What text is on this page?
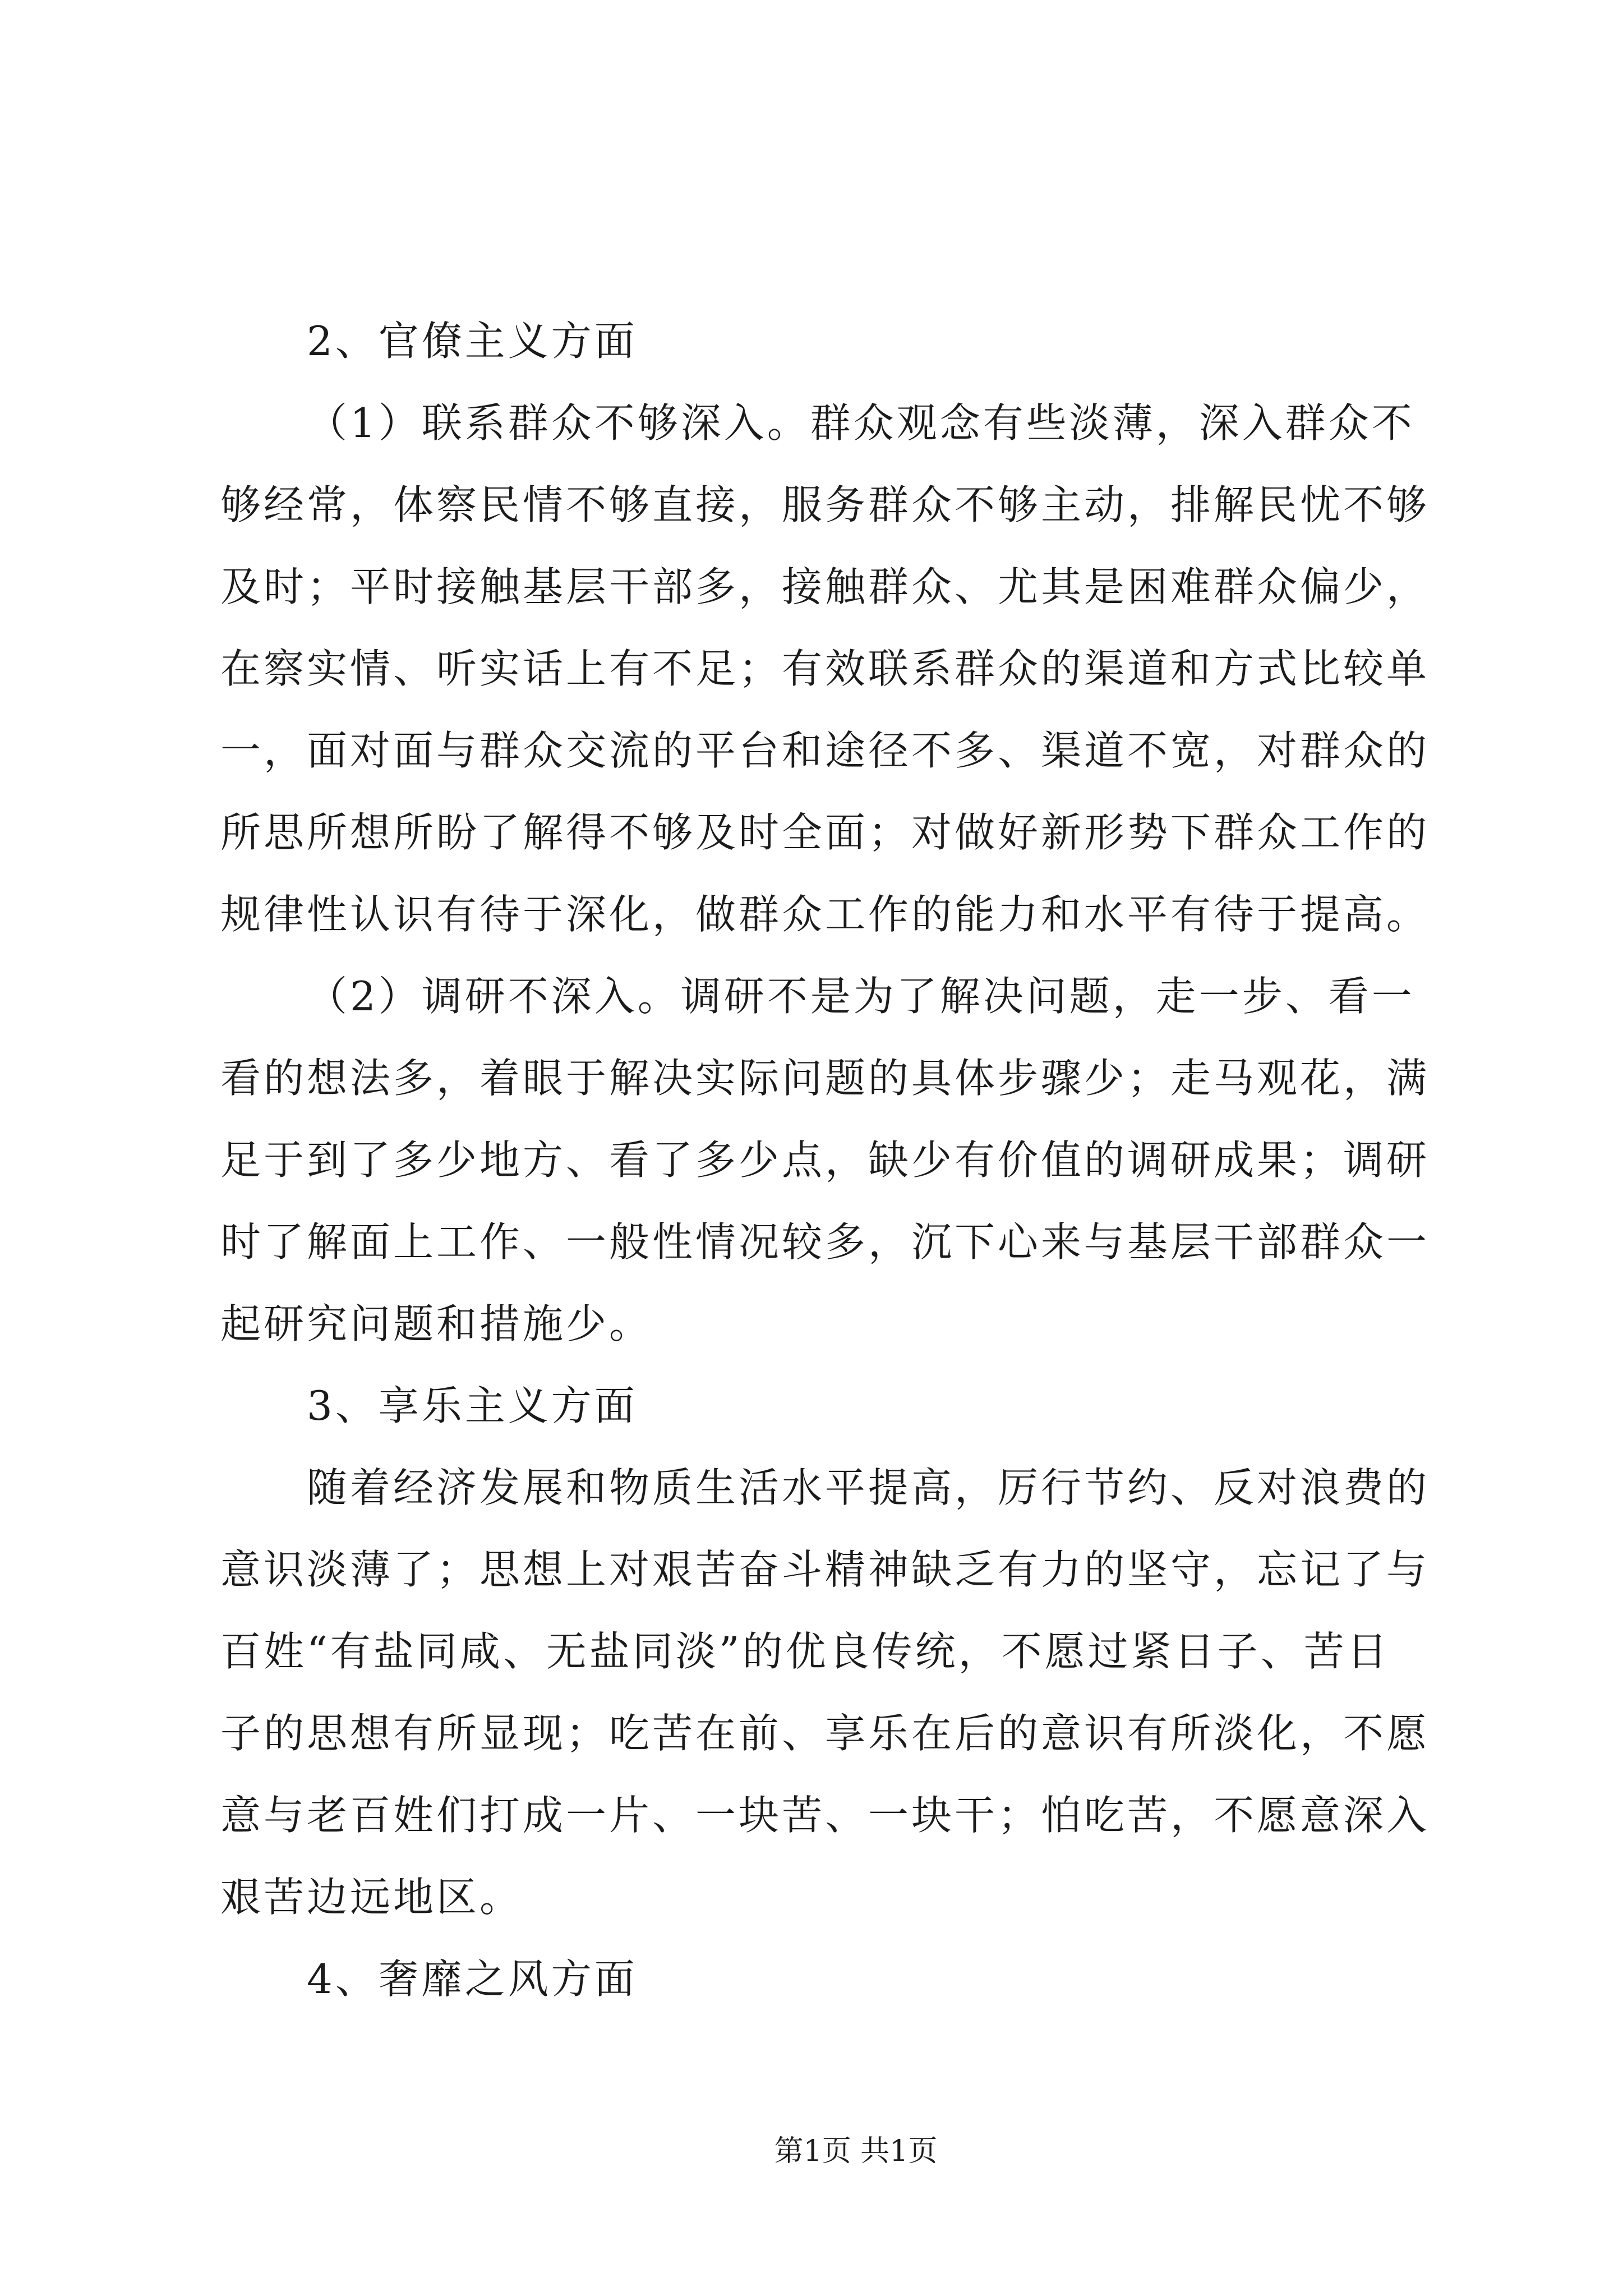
2、官僚主义方面
（1）联系群众不够深入。群众观念有些淡薄，深入群众不
够经常，体察民情不够直接，服务群众不够主动，排解民忧不够
及时；平时接触基层干部多，接触群众、尤其是困难群众偏少，
在察实情、听实话上有不足；有效联系群众的渠道和方式比较单
一，面对面与群众交流的平台和途径不多、渠道不宽，对群众的
所思所想所盼了解得不够及时全面；对做好新形势下群众工作的
规律性认识有待于深化，做群众工作的能力和水平有待于提高。
（2）调研不深入。调研不是为了解决问题，走一步、看一
看的想法多，着眼于解决实际问题的具体步骤少；走马观花，满
足于到了多少地方、看了多少点，缺少有价值的调研成果；调研
时了解面上工作、一般性情况较多，沉下心来与基层干部群众一
起研究问题和措施少。
3、享乐主义方面
随着经济发展和物质生活水平提高，厉行节约、反对浪费的
意识淡薄了；思想上对艰苦奋斗精神缺乏有力的坚守，忘记了与
百姓“有盐同咸、无盐同淡”的优良传统，不愿过紧日子、苦日
子的思想有所显现；吃苦在前、享乐在后的意识有所淡化，不愿
意与老百姓们打成一片、一块苦、一块干；怕吃苦，不愿意深入
艰苦边远地区。
4、奢靡之风方面
第1页 共1页
